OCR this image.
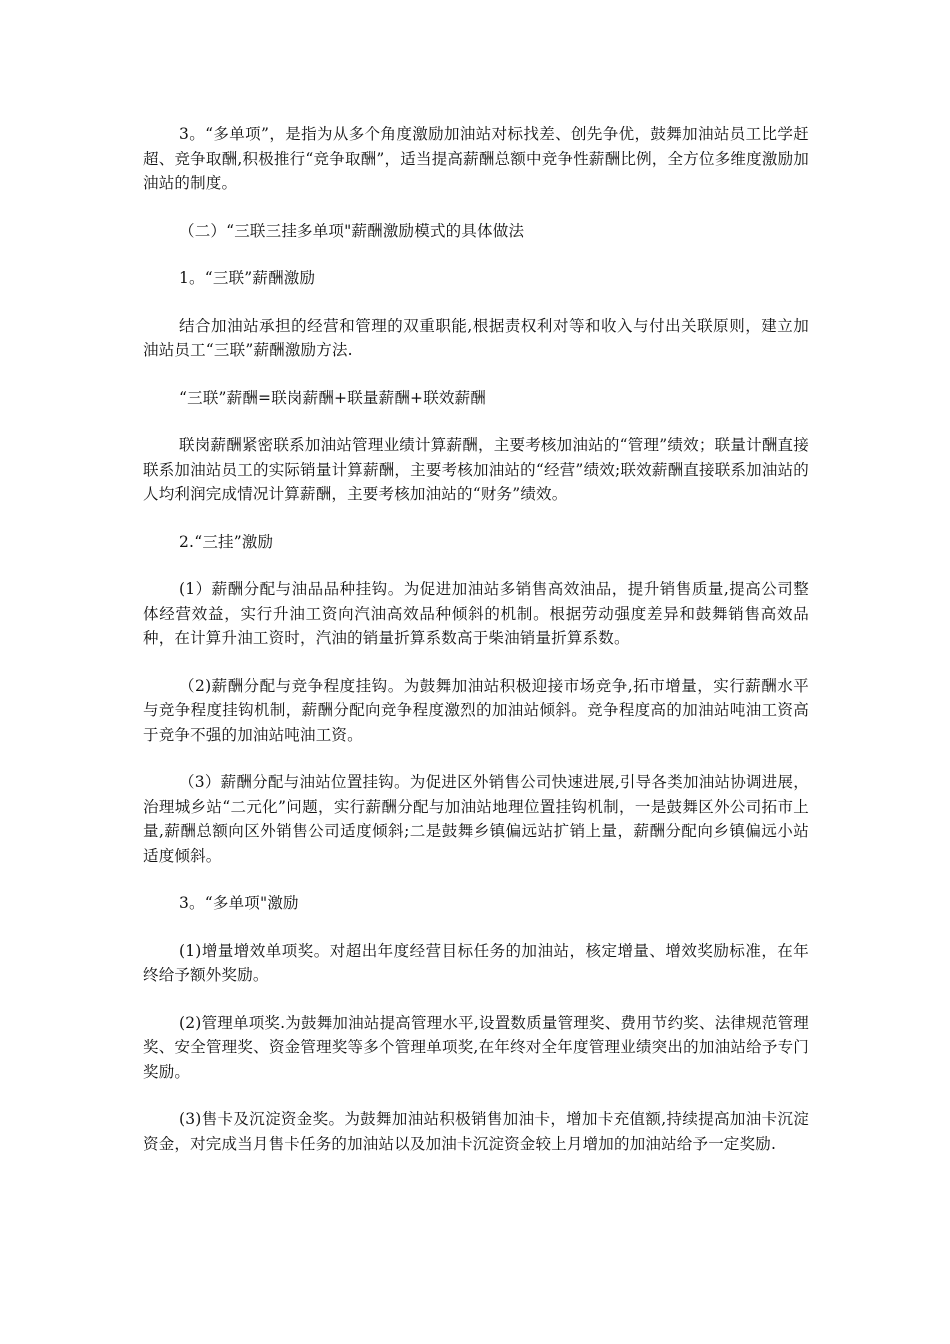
3。“多单项”，是指为从多个角度激励加油站对标找差、创先争优，鼓舞加油站员工比学赶超、竞争取酬,积极推行“竞争取酬”，适当提高薪酬总额中竞争性薪酬比例，全方位多维度激励加油站的制度。

（二）“三联三挂多单项"薪酬激励模式的具体做法

1。“三联”薪酬激励

结合加油站承担的经营和管理的双重职能,根据责权利对等和收入与付出关联原则，建立加油站员工“三联”薪酬激励方法.

“三联”薪酬=联岗薪酬+联量薪酬+联效薪酬

联岗薪酬紧密联系加油站管理业绩计算薪酬，主要考核加油站的“管理”绩效；联量计酬直接联系加油站员工的实际销量计算薪酬，主要考核加油站的“经营”绩效;联效薪酬直接联系加油站的人均利润完成情况计算薪酬，主要考核加油站的“财务”绩效。

2.“三挂”激励

(1）薪酬分配与油品品种挂钩。为促进加油站多销售高效油品，提升销售质量,提高公司整体经营效益，实行升油工资向汽油高效品种倾斜的机制。根据劳动强度差异和鼓舞销售高效品种，在计算升油工资时，汽油的销量折算系数高于柴油销量折算系数。

（2)薪酬分配与竞争程度挂钩。为鼓舞加油站积极迎接市场竞争,拓市增量，实行薪酬水平与竞争程度挂钩机制，薪酬分配向竞争程度激烈的加油站倾斜。竞争程度高的加油站吨油工资高于竞争不强的加油站吨油工资。

（3）薪酬分配与油站位置挂钩。为促进区外销售公司快速进展,引导各类加油站协调进展，治理城乡站“二元化”问题，实行薪酬分配与加油站地理位置挂钩机制，一是鼓舞区外公司拓市上量,薪酬总额向区外销售公司适度倾斜;二是鼓舞乡镇偏远站扩销上量，薪酬分配向乡镇偏远小站适度倾斜。

3。“多单项"激励

(1)增量增效单项奖。对超出年度经营目标任务的加油站，核定增量、增效奖励标准，在年终给予额外奖励。

(2)管理单项奖.为鼓舞加油站提高管理水平,设置数质量管理奖、费用节约奖、法律规范管理奖、安全管理奖、资金管理奖等多个管理单项奖,在年终对全年度管理业绩突出的加油站给予专门奖励。

(3)售卡及沉淀资金奖。为鼓舞加油站积极销售加油卡，增加卡充值额,持续提高加油卡沉淀资金，对完成当月售卡任务的加油站以及加油卡沉淀资金较上月增加的加油站给予一定奖励.
